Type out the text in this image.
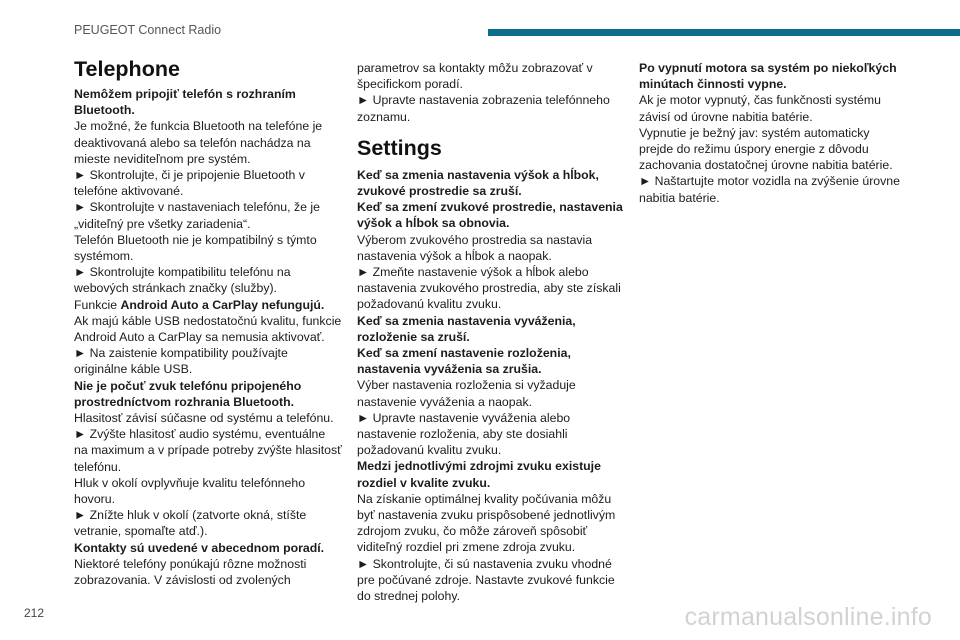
PEUGEOT Connect Radio
Telephone

Nemôžem pripojiť telefón s rozhraním Bluetooth.

Je možné, že funkcia Bluetooth na telefóne je deaktivovaná alebo sa telefón nachádza na mieste neviditeľnom pre systém.

► Skontrolujte, či je pripojenie Bluetooth v telefóne aktivované.

► Skontrolujte v nastaveniach telefónu, že je „viditeľný pre všetky zariadenia“.

Telefón Bluetooth nie je kompatibilný s týmto systémom.

► Skontrolujte kompatibilitu telefónu na webových stránkach značky (služby).

Funkcie Android Auto a CarPlay nefungujú.

Ak majú káble USB nedostatočnú kvalitu, funkcie Android Auto a CarPlay sa nemusia aktivovať.

► Na zaistenie kompatibility používajte originálne káble USB.

Nie je počuť zvuk telefónu pripojeného prostredníctvom rozhrania Bluetooth.

Hlasitosť závisí súčasne od systému a telefónu.

► Zvýšte hlasitosť audio systému, eventuálne na maximum a v prípade potreby zvýšte hlasitosť telefónu.

Hluk v okolí ovplyvňuje kvalitu telefónneho hovoru.

► Znížte hluk v okolí (zatvorte okná, stíšte vetranie, spomaľte atď.).

Kontakty sú uvedené v abecednom poradí.

Niektoré telefóny ponúkajú rôzne možnosti zobrazovania. V závislosti od zvolených

parametrov sa kontakty môžu zobrazovať v špecifickom poradí.

► Upravte nastavenia zobrazenia telefónneho zoznamu.

Settings

Keď sa zmenia nastavenia výšok a hĺbok, zvukové prostredie sa zruší.

Keď sa zmení zvukové prostredie, nastavenia výšok a hĺbok sa obnovia.

Výberom zvukového prostredia sa nastavia nastavenia výšok a hĺbok a naopak.

► Zmeňte nastavenie výšok a hĺbok alebo nastavenia zvukového prostredia, aby ste získali požadovanú kvalitu zvuku.

Keď sa zmenia nastavenia vyváženia, rozloženie sa zruší.

Keď sa zmení nastavenie rozloženia, nastavenia vyváženia sa zrušia.

Výber nastavenia rozloženia si vyžaduje nastavenie vyváženia a naopak.

► Upravte nastavenie vyváženia alebo nastavenie rozloženia, aby ste dosiahli požadovanú kvalitu zvuku.

Medzi jednotlivými zdrojmi zvuku existuje rozdiel v kvalite zvuku.

Na získanie optimálnej kvality počúvania môžu byť nastavenia zvuku prispôsobené jednotlivým zdrojom zvuku, čo môže zároveň spôsobiť viditeľný rozdiel pri zmene zdroja zvuku.

► Skontrolujte, či sú nastavenia zvuku vhodné pre počúvané zdroje. Nastavte zvukové funkcie do strednej polohy.

Po vypnutí motora sa systém po niekoľkých minútach činnosti vypne.

Ak je motor vypnutý, čas funkčnosti systému závisí od úrovne nabitia batérie.

Vypnutie je bežný jav: systém automaticky prejde do režimu úspory energie z dôvodu zachovania dostatočnej úrovne nabitia batérie.

► Naštartujte motor vozidla na zvýšenie úrovne nabitia batérie.

212	carmanualsonline.info
